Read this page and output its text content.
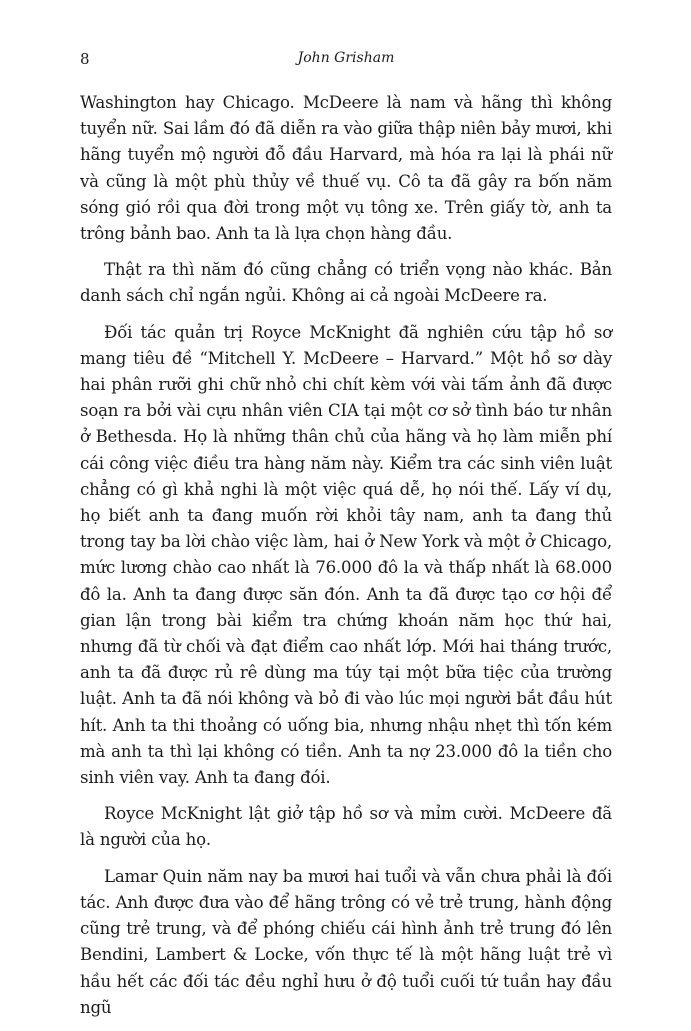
8	John Grisham

Washington hay Chicago. McDeere là nam và hãng thì không tuyển nữ. Sai lầm đó đã diễn ra vào giữa thập niên bảy mươi, khi hãng tuyển mộ người đỗ đầu Harvard, mà hóa ra lại là phái nữ và cũng là một phù thủy về thuế vụ. Cô ta đã gây ra bốn năm sóng gió rồi qua đời trong một vụ tông xe. Trên giấy tờ, anh ta trông bảnh bao. Anh ta là lựa chọn hàng đầu.

Thật ra thì năm đó cũng chẳng có triển vọng nào khác. Bản danh sách chỉ ngắn ngủi. Không ai cả ngoài McDeere ra.

Đối tác quản trị Royce McKnight đã nghiên cứu tập hồ sơ mang tiêu đề “Mitchell Y. McDeere – Harvard.” Một hồ sơ dày hai phân rưỡi ghi chữ nhỏ chi chít kèm với vài tấm ảnh đã được soạn ra bởi vài cựu nhân viên CIA tại một cơ sở tình báo tư nhân ở Bethesda. Họ là những thân chủ của hãng và họ làm miễn phí cái công việc điều tra hàng năm này. Kiểm tra các sinh viên luật chẳng có gì khả nghi là một việc quá dễ, họ nói thế. Lấy ví dụ, họ biết anh ta đang muốn rời khỏi tây nam, anh ta đang thủ trong tay ba lời chào việc làm, hai ở New York và một ở Chicago, mức lương chào cao nhất là 76.000 đô la và thấp nhất là 68.000 đô la. Anh ta đang được săn đón. Anh ta đã được tạo cơ hội để gian lận trong bài kiểm tra chứng khoán năm học thứ hai, nhưng đã từ chối và đạt điểm cao nhất lớp. Mới hai tháng trước, anh ta đã được rủ rê dùng ma túy tại một bữa tiệc của trường luật. Anh ta đã nói không và bỏ đi vào lúc mọi người bắt đầu hút hít. Anh ta thi thoảng có uống bia, nhưng nhậu nhẹt thì tốn kém mà anh ta thì lại không có tiền. Anh ta nợ 23.000 đô la tiền cho sinh viên vay. Anh ta đang đói.

Royce McKnight lật giở tập hồ sơ và mỉm cười. McDeere đã là người của họ.

Lamar Quin năm nay ba mươi hai tuổi và vẫn chưa phải là đối tác. Anh được đưa vào để hãng trông có vẻ trẻ trung, hành động cũng trẻ trung, và để phóng chiếu cái hình ảnh trẻ trung đó lên Bendini, Lambert & Locke, vốn thực tế là một hãng luật trẻ vì hầu hết các đối tác đều nghỉ hưu ở độ tuổi cuối tứ tuần hay đầu ngũ
